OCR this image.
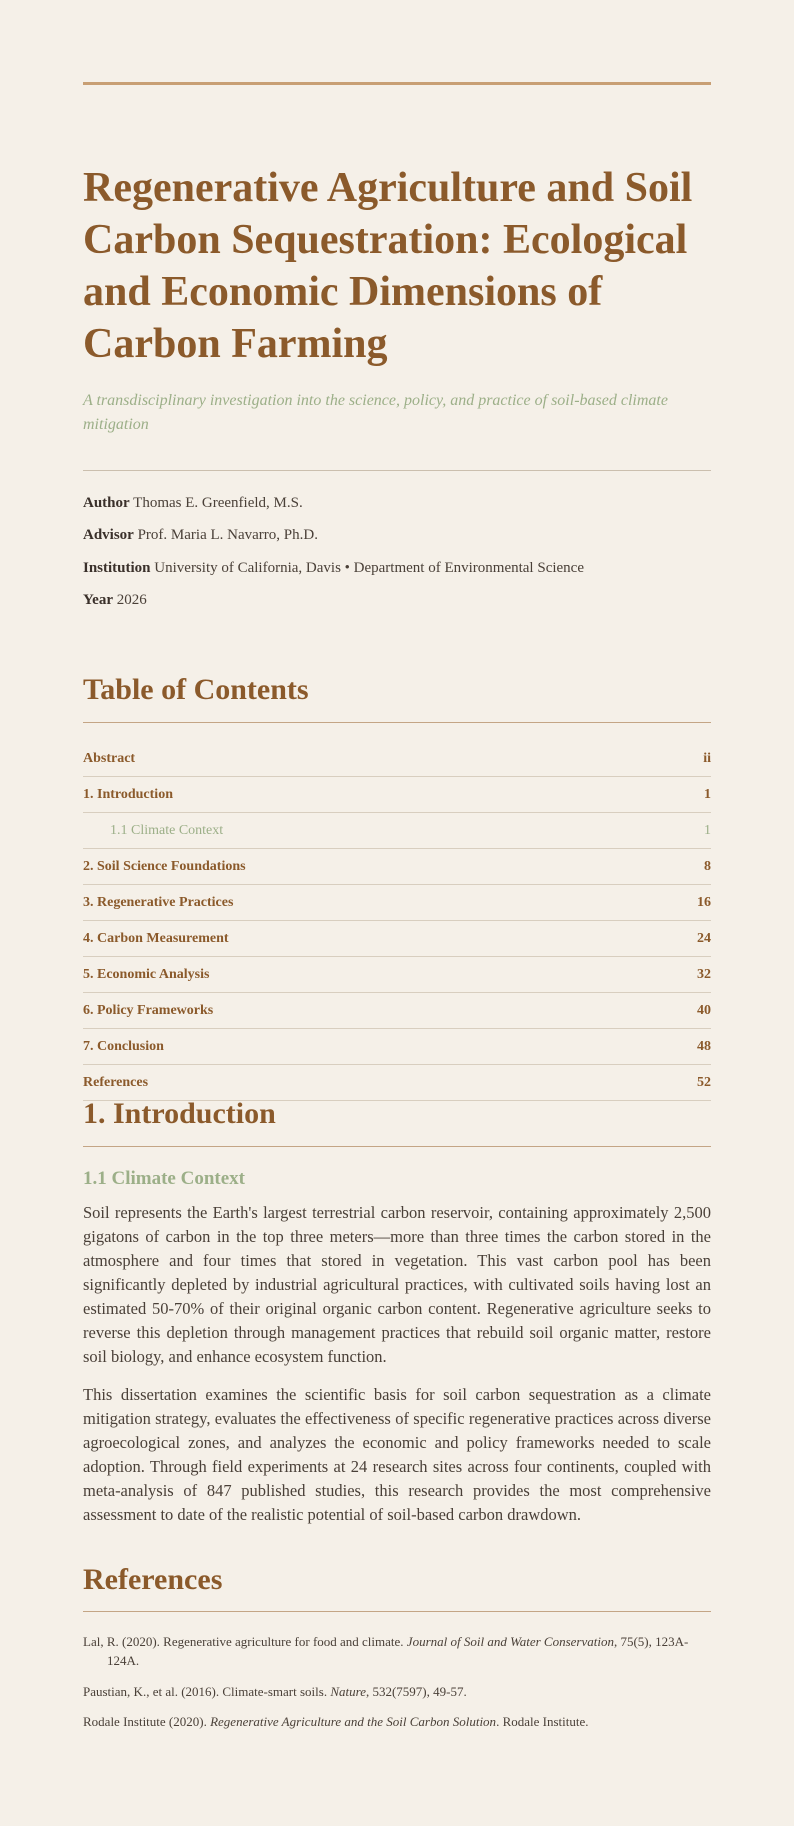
Regenerative Agriculture and Soil Carbon Sequestration: Ecological and Economic Dimensions of Carbon Farming

A transdisciplinary investigation into the science, policy, and practice of soil-based climate mitigation

Author Thomas E. Greenfield, M.S.
Advisor Prof. Maria L. Navarro, Ph.D.
Institution University of California, Davis • Department of Environmental Science
Year 2026
Table of Contents
Abstract	ii
1. Introduction	1
1.1 Climate Context	1
2. Soil Science Foundations	8
3. Regenerative Practices	16
4. Carbon Measurement	24
5. Economic Analysis	32
6. Policy Frameworks	40
7. Conclusion	48
References	52
1. Introduction
1.1 Climate Context

Soil represents the Earth's largest terrestrial carbon reservoir, containing approximately 2,500 gigatons of carbon in the top three meters—more than three times the carbon stored in the atmosphere and four times that stored in vegetation. This vast carbon pool has been significantly depleted by industrial agricultural practices, with cultivated soils having lost an estimated 50-70% of their original organic carbon content. Regenerative agriculture seeks to reverse this depletion through management practices that rebuild soil organic matter, restore soil biology, and enhance ecosystem function.

This dissertation examines the scientific basis for soil carbon sequestration as a climate mitigation strategy, evaluates the effectiveness of specific regenerative practices across diverse agroecological zones, and analyzes the economic and policy frameworks needed to scale adoption. Through field experiments at 24 research sites across four continents, coupled with meta-analysis of 847 published studies, this research provides the most comprehensive assessment to date of the realistic potential of soil-based carbon drawdown.

References

Lal, R. (2020). Regenerative agriculture for food and climate. Journal of Soil and Water Conservation, 75(5), 123A-124A.

Paustian, K., et al. (2016). Climate-smart soils. Nature, 532(7597), 49-57.

Rodale Institute (2020). Regenerative Agriculture and the Soil Carbon Solution. Rodale Institute.
